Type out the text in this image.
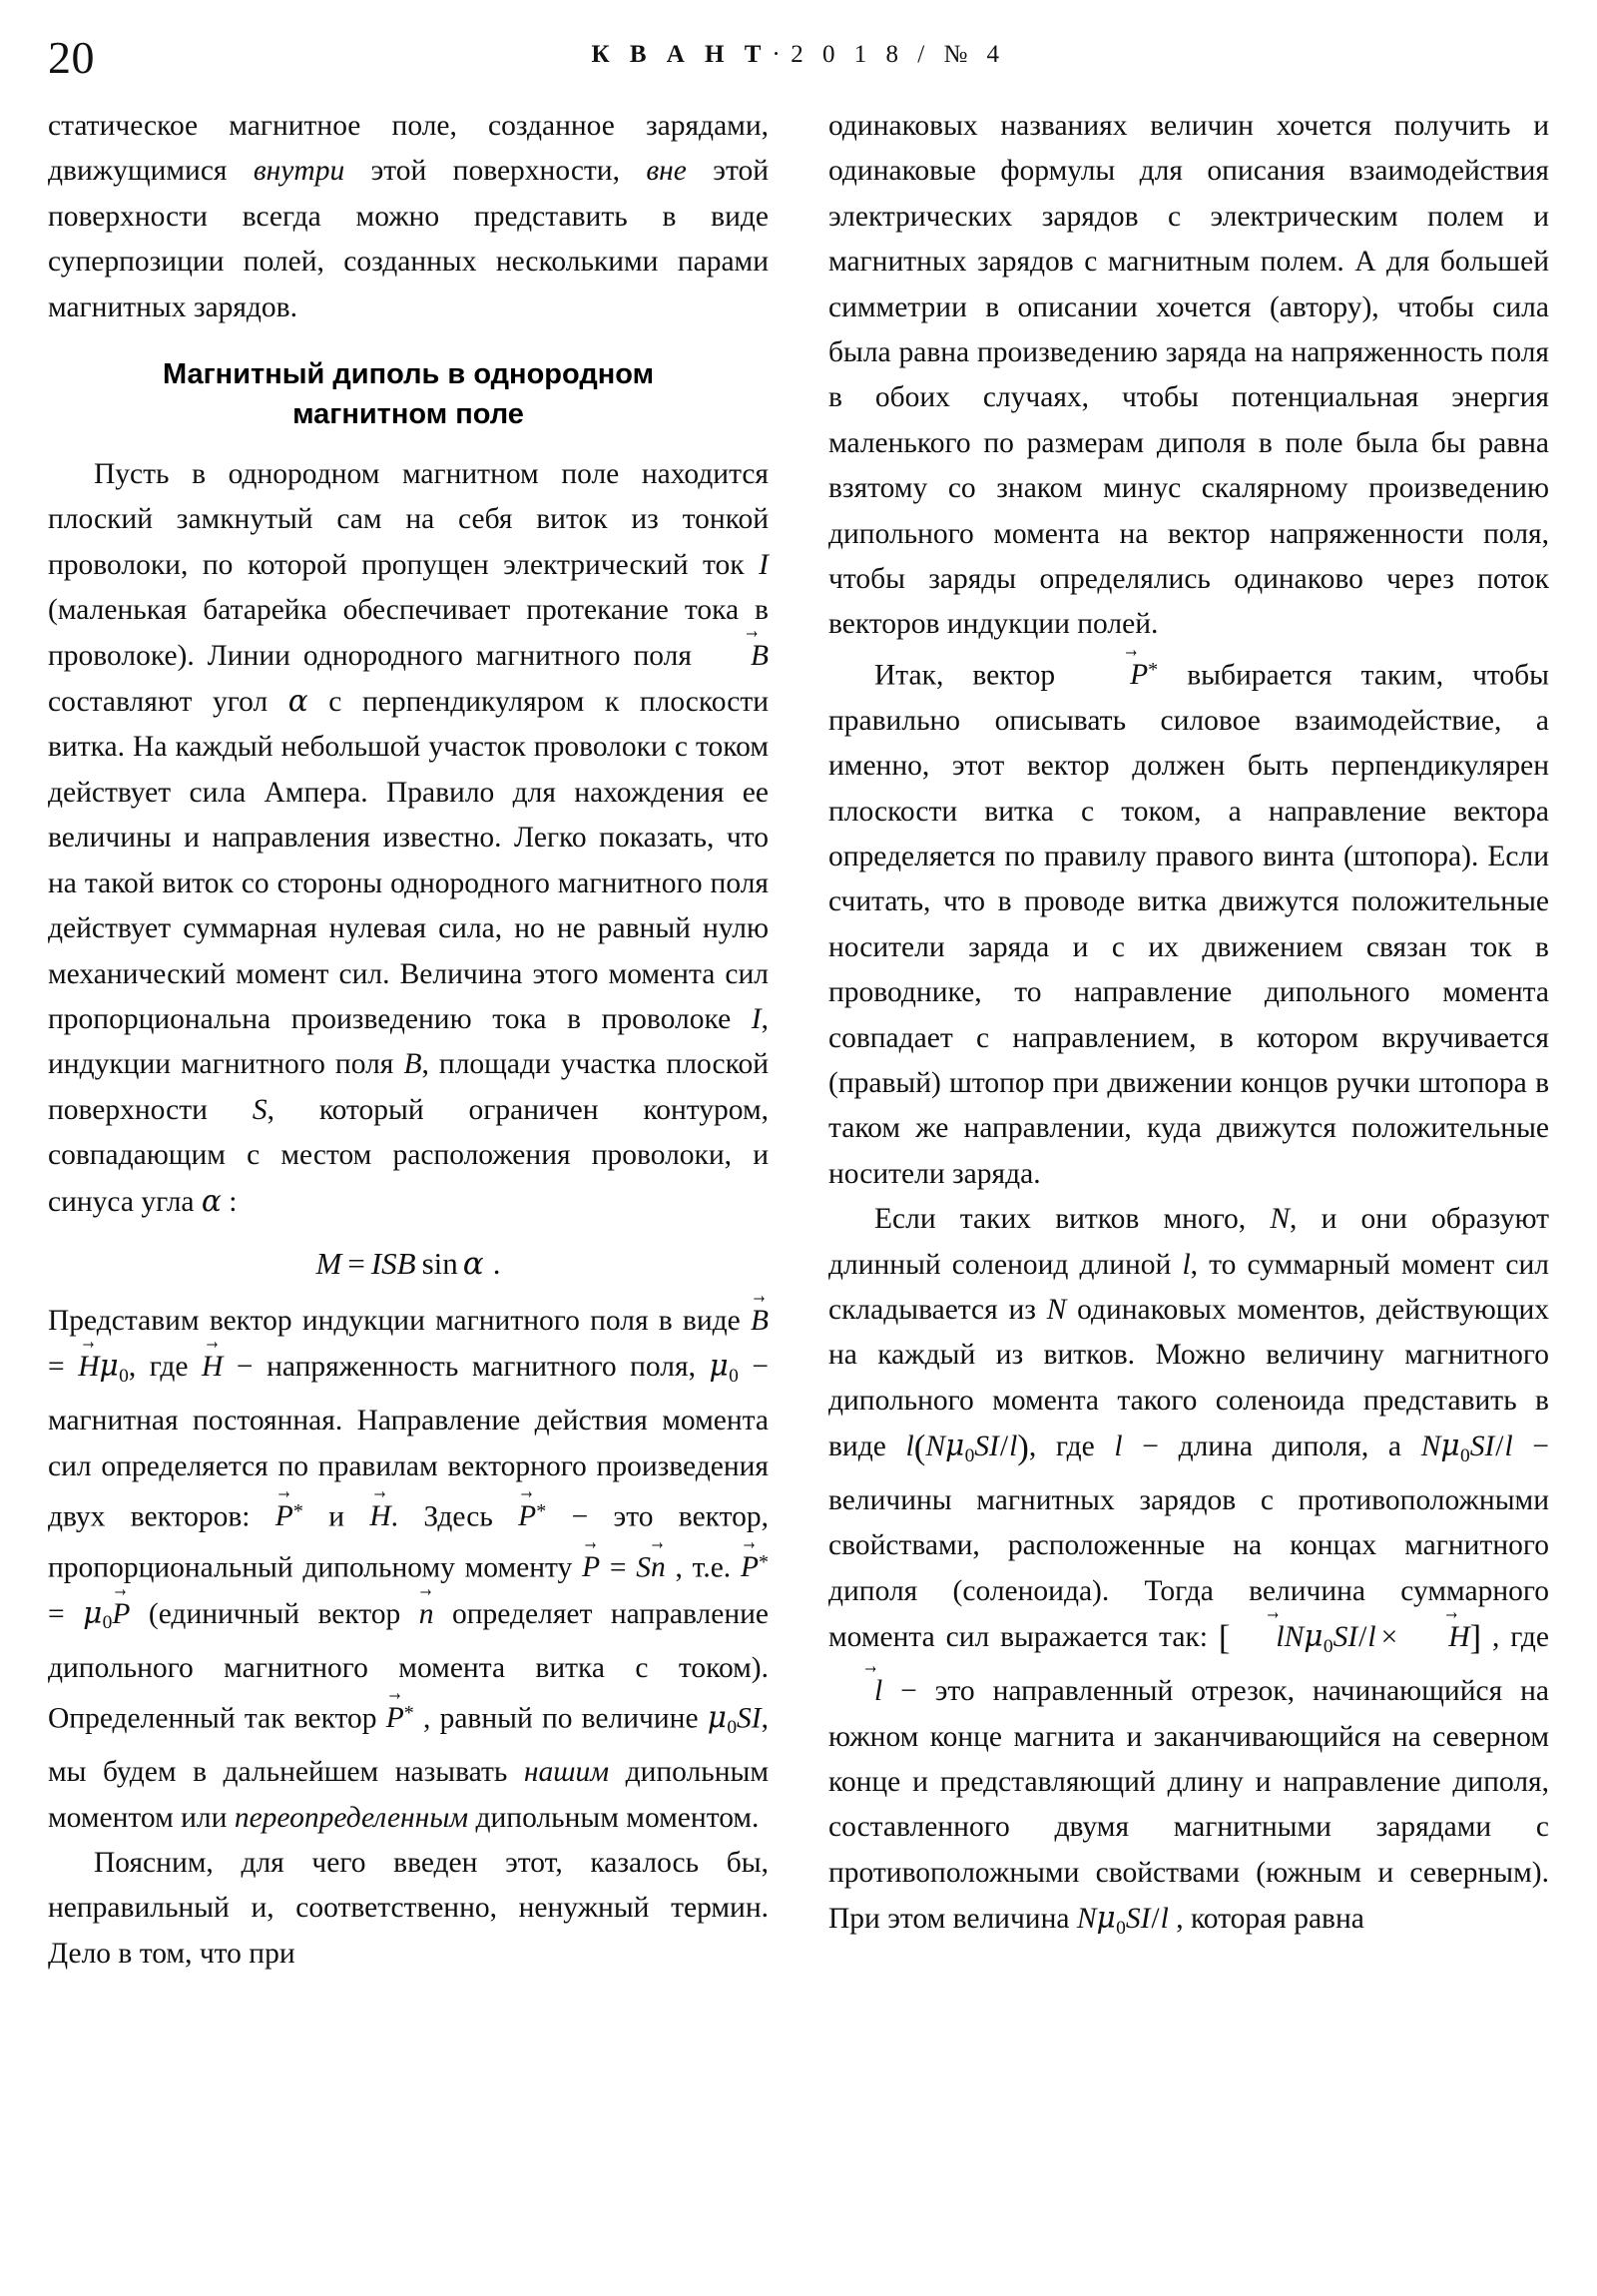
20	К В А Н Т · 2 0 1 8 / № 4

статическое магнитное поле, созданное зарядами, движущимися внутри этой поверхности, вне этой поверхности всегда можно представить в виде суперпозиции полей, созданных несколькими парами магнитных зарядов.

Магнитный диполь в однородном
магнитном поле

Пусть в однородном магнитном поле находится плоский замкнутый сам на себя виток из тонкой проволоки, по которой пропущен электрический ток I (маленькая батарейка обеспечивает протекание тока в проволоке). Линии однородного магнитного поля B → составляют угол α с перпендикуляром к плоскости витка. На каждый небольшой участок проволоки с током действует сила Ампера. Правило для нахождения ее величины и направления известно. Легко показать, что на такой виток со стороны однородного магнитного поля действует суммарная нулевая сила, но не равный нулю механический момент сил. Величина этого момента сил пропорциональна произведению тока в проволоке I, индукции магнитного поля B, площади участка плоской поверхности S, который ограничен контуром, совпадающим с местом расположения проволоки, и синуса угла α :

M = ISB sin α .

Представим вектор индукции магнитного поля в виде B → = $H \to\mu_0$, где H → − напряженность магнитного поля, $\mu_0$ − магнитная постоянная. Направление действия момента сил определяется по правилам векторного произведения двух векторов: P →* и H →. Здесь P →* − это вектор, пропорциональный дипольному моменту P → = Sn → , т.е. $P \to^* = \mu_0P$ → (единичный вектор n → определяет направление дипольного магнитного момента витка с током). Определенный так вектор P →* , равный по величине $\mu_0SI$, мы будем в дальнейшем называть нашим дипольным моментом или переопределенным дипольным моментом.

Поясним, для чего введен этот, казалось бы, неправильный и, соответственно, ненужный термин. Дело в том, что при

одинаковых названиях величин хочется получить и одинаковые формулы для описания взаимодействия электрических зарядов с электрическим полем и магнитных зарядов с магнитным полем. А для большей симметрии в описании хочется (автору), чтобы сила была равна произведению заряда на напряженность поля в обоих случаях, чтобы потенциальная энергия маленького по размерам диполя в поле была бы равна взятому со знаком минус скалярному произведению дипольного момента на вектор напряженности поля, чтобы заряды определялись одинаково через поток векторов индукции полей.

Итак, вектор P →* выбирается таким, чтобы правильно описывать силовое взаимодействие, а именно, этот вектор должен быть перпендикулярен плоскости витка с током, а направление вектора определяется по правилу правого винта (штопора). Если считать, что в проводе витка движутся положительные носители заряда и с их движением связан ток в проводнике, то направление дипольного момента совпадает с направлением, в котором вкручивается (правый) штопор при движении концов ручки штопора в таком же направлении, куда движутся положительные носители заряда.

Если таких витков много, N, и они образуют длинный соленоид длиной l, то суммарный момент сил складывается из N одинаковых моментов, действующих на каждый из витков. Можно величину магнитного дипольного момента такого соленоида представить в виде $l(N\mu_0SI/l)$, где l − длина диполя, а $N\mu_0SI/l$ − величины магнитных зарядов с противоположными свойствами, расположенные на концах магнитного диполя (соленоида). Тогда величина суммарного момента сил выражается так: [ $l \to N\mu_0SI/l \times H$ →] , где l → − это направленный отрезок, начинающийся на южном конце магнита и заканчивающийся на северном конце и представляющий длину и направление диполя, составленного двумя магнитными зарядами с противоположными свойствами (южным и северным). При этом величина $N\mu_0SI/l$ , которая равна
